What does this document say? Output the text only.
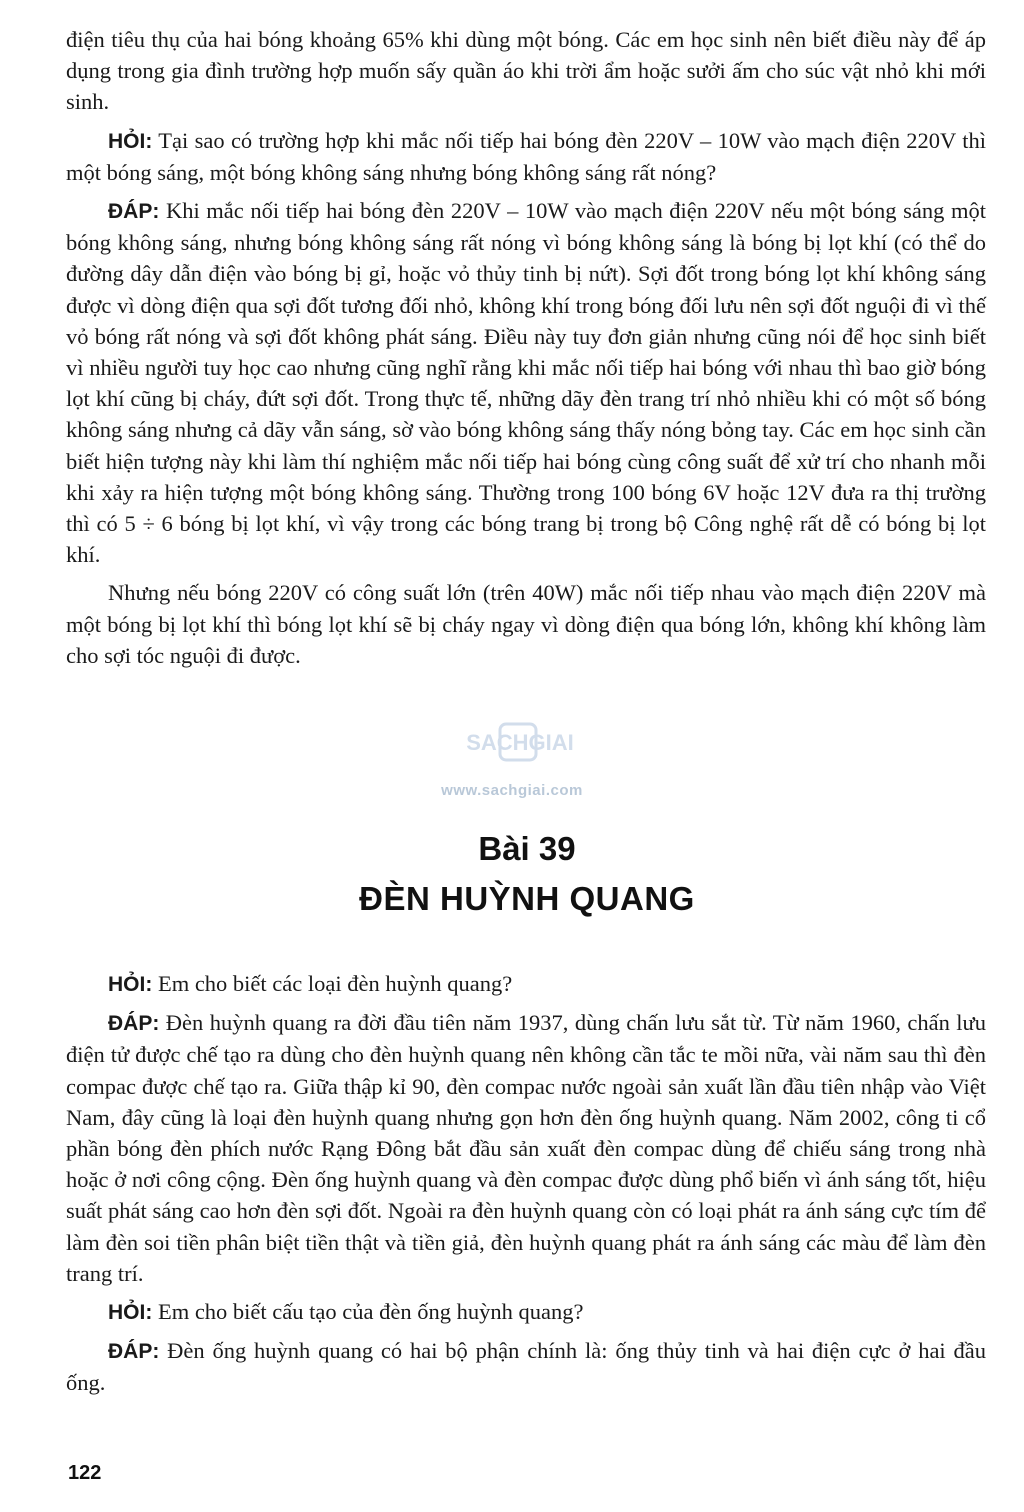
điện tiêu thụ của hai bóng khoảng 65% khi dùng một bóng. Các em học sinh nên biết điều này để áp dụng trong gia đình trường hợp muốn sấy quần áo khi trời ẩm hoặc sưởi ấm cho súc vật nhỏ khi mới sinh.

HỎI: Tại sao có trường hợp khi mắc nối tiếp hai bóng đèn 220V – 10W vào mạch điện 220V thì một bóng sáng, một bóng không sáng nhưng bóng không sáng rất nóng?

ĐÁP: Khi mắc nối tiếp hai bóng đèn 220V – 10W vào mạch điện 220V nếu một bóng sáng một bóng không sáng, nhưng bóng không sáng rất nóng vì bóng không sáng là bóng bị lọt khí (có thể do đường dây dẫn điện vào bóng bị gỉ, hoặc vỏ thủy tinh bị nứt). Sợi đốt trong bóng lọt khí không sáng được vì dòng điện qua sợi đốt tương đối nhỏ, không khí trong bóng đối lưu nên sợi đốt nguội đi vì thế vỏ bóng rất nóng và sợi đốt không phát sáng. Điều này tuy đơn giản nhưng cũng nói để học sinh biết vì nhiều người tuy học cao nhưng cũng nghĩ rằng khi mắc nối tiếp hai bóng với nhau thì bao giờ bóng lọt khí cũng bị cháy, đứt sợi đốt. Trong thực tế, những dãy đèn trang trí nhỏ nhiều khi có một số bóng không sáng nhưng cả dãy vẫn sáng, sờ vào bóng không sáng thấy nóng bỏng tay. Các em học sinh cần biết hiện tượng này khi làm thí nghiệm mắc nối tiếp hai bóng cùng công suất để xử trí cho nhanh mỗi khi xảy ra hiện tượng một bóng không sáng. Thường trong 100 bóng 6V hoặc 12V đưa ra thị trường thì có 5 ÷ 6 bóng bị lọt khí, vì vậy trong các bóng trang bị trong bộ Công nghệ rất dễ có bóng bị lọt khí.

Nhưng nếu bóng 220V có công suất lớn (trên 40W) mắc nối tiếp nhau vào mạch điện 220V mà một bóng bị lọt khí thì bóng lọt khí sẽ bị cháy ngay vì dòng điện qua bóng lớn, không khí không làm cho sợi tóc nguội đi được.

SACHGIAI
www.sachgiai.com
Bài 39
ĐÈN HUỲNH QUANG

HỎI: Em cho biết các loại đèn huỳnh quang?

ĐÁP: Đèn huỳnh quang ra đời đầu tiên năm 1937, dùng chấn lưu sắt từ. Từ năm 1960, chấn lưu điện tử được chế tạo ra dùng cho đèn huỳnh quang nên không cần tắc te mồi nữa, vài năm sau thì đèn compac được chế tạo ra. Giữa thập kỉ 90, đèn compac nước ngoài sản xuất lần đầu tiên nhập vào Việt Nam, đây cũng là loại đèn huỳnh quang nhưng gọn hơn đèn ống huỳnh quang. Năm 2002, công ti cổ phần bóng đèn phích nước Rạng Đông bắt đầu sản xuất đèn compac dùng để chiếu sáng trong nhà hoặc ở nơi công cộng. Đèn ống huỳnh quang và đèn compac được dùng phổ biến vì ánh sáng tốt, hiệu suất phát sáng cao hơn đèn sợi đốt. Ngoài ra đèn huỳnh quang còn có loại phát ra ánh sáng cực tím để làm đèn soi tiền phân biệt tiền thật và tiền giả, đèn huỳnh quang phát ra ánh sáng các màu để làm đèn trang trí.

HỎI: Em cho biết cấu tạo của đèn ống huỳnh quang?

ĐÁP: Đèn ống huỳnh quang có hai bộ phận chính là: ống thủy tinh và hai điện cực ở hai đầu ống.

122
